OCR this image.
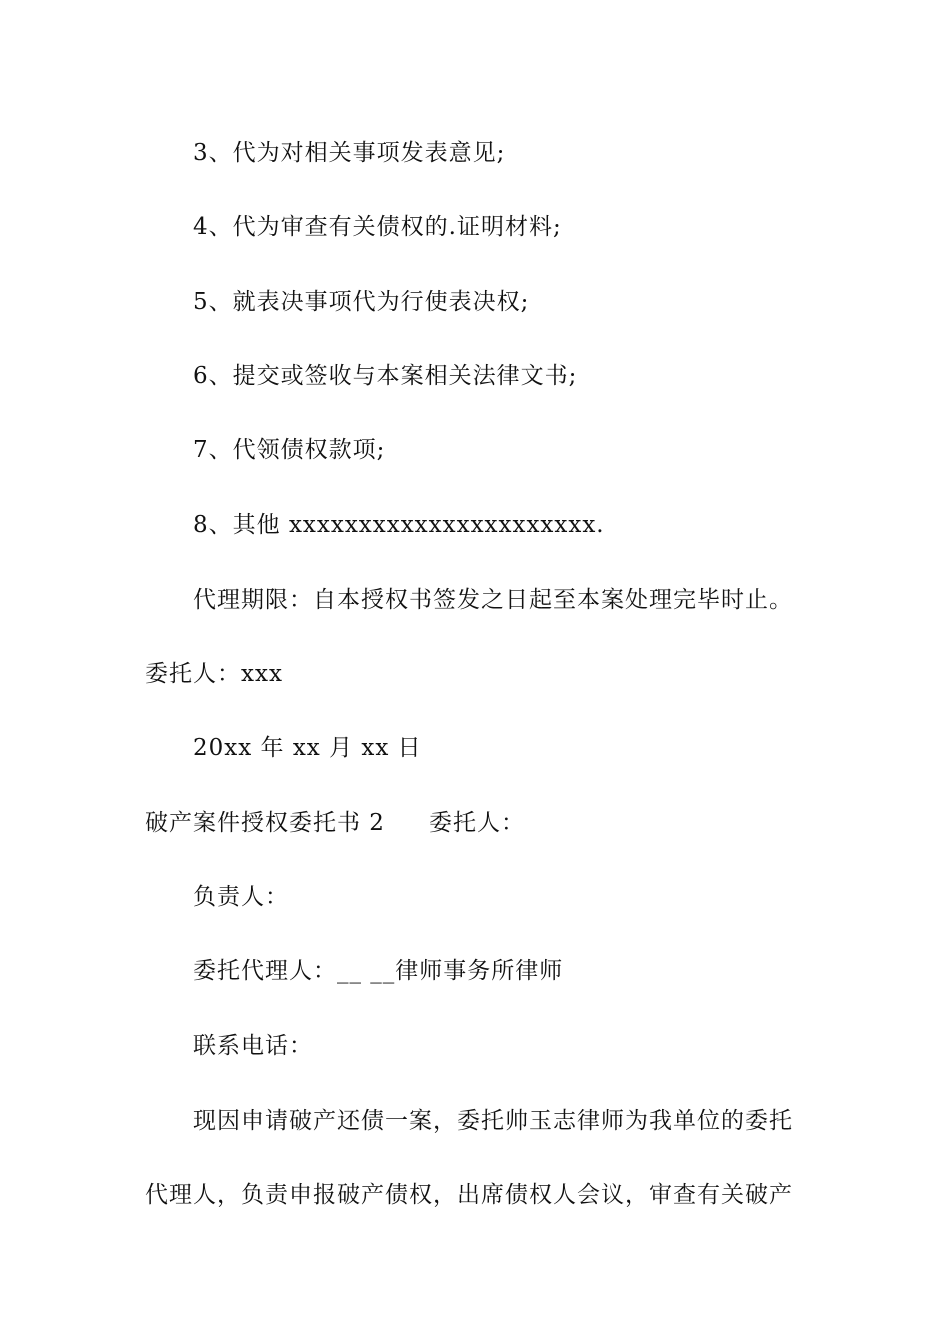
3、代为对相关事项发表意见;
4、代为审查有关债权的.证明材料;
5、就表决事项代为行使表决权;
6、提交或签收与本案相关法律文书;
7、代领债权款项;
8、其他 xxxxxxxxxxxxxxxxxxxxxx.
代理期限：自本授权书签发之日起至本案处理完毕时止。
委托人：xxx
20xx 年 xx 月 xx 日
破产案件授权委托书 2 委托人：
负责人：
委托代理人：__ __律师事务所律师
联系电话：
现因申请破产还债一案，委托帅玉志律师为我单位的委托
代理人，负责申报破产债权，出席债权人会议，审查有关破产
